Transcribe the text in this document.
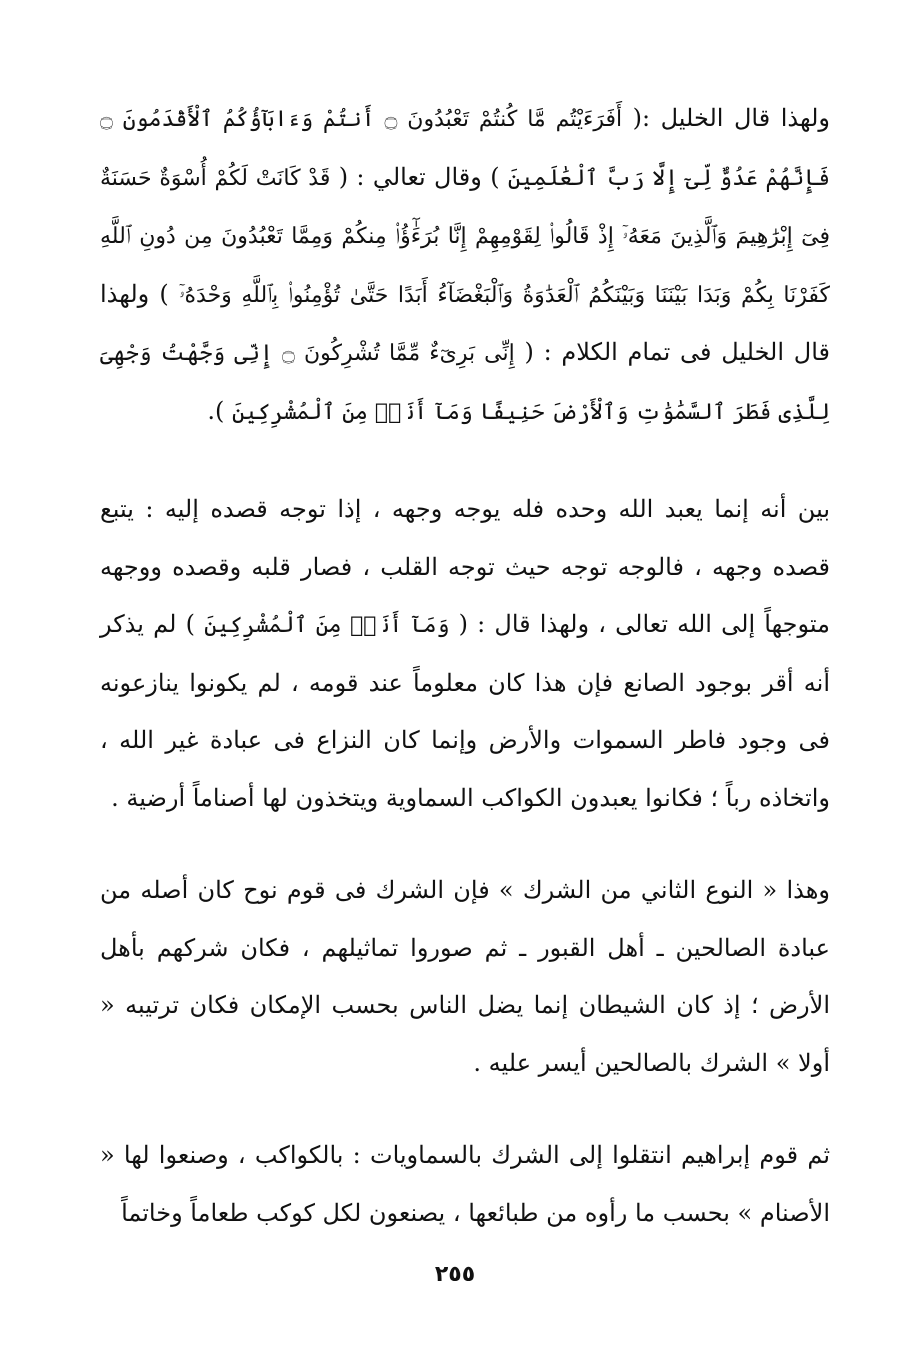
ولهذا قال الخليل :( أَفَرَءَيْتُم مَّا كُنتُمْ تَعْبُدُونَ ۝ أَنتُمْ وَءَابَآؤُكُمُ ٱلْأَقْدَمُونَ ۝ فَإِنَّهُمْ عَدُوٌّ لِّىٓ إِلَّا رَبَّ ٱلْعَٰلَمِينَ ) وقال تعالي : ( قَدْ كَانَتْ لَكُمْ أُسْوَةٌ حَسَنَةٌ فِىٓ إِبْرَٰهِيمَ وَٱلَّذِينَ مَعَهُۥٓ إِذْ قَالُوا۟ لِقَوْمِهِمْ إِنَّا بُرَءَٰٓؤُا۟ مِنكُمْ وَمِمَّا تَعْبُدُونَ مِن دُونِ ٱللَّهِ كَفَرْنَا بِكُمْ وَبَدَا بَيْنَنَا وَبَيْنَكُمُ ٱلْعَدَٰوَةُ وَٱلْبَغْضَآءُ أَبَدًا حَتَّىٰ تُؤْمِنُوا۟ بِٱللَّهِ وَحْدَهُۥٓ ) ولهذا قال الخليل فى تمام الكلام : ( إِنِّى بَرِىٓءٌ مِّمَّا تُشْرِكُونَ ۝ إِنِّى وَجَّهْتُ وَجْهِىَ لِلَّذِى فَطَرَ ٱلسَّمَٰوَٰتِ وَٱلْأَرْضَ حَنِيفًا وَمَآ أَنَا۠ مِنَ ٱلْمُشْرِكِينَ ).

بين أنه إنما يعبد الله وحده فله يوجه وجهه ، إذا توجه قصده إليه : يتبع قصده وجهه ، فالوجه توجه حيث توجه القلب ، فصار قلبه وقصده ووجهه متوجهاً إلى الله تعالى ، ولهذا قال : ( وَمَآ أَنَا۠ مِنَ ٱلْمُشْرِكِينَ ) لم يذكر أنه أقر بوجود الصانع فإن هذا كان معلوماً عند قومه ، لم يكونوا ينازعونه فى وجود فاطر السموات والأرض وإنما كان النزاع فى عبادة غير الله ، واتخاذه رباً ؛ فكانوا يعبدون الكواكب السماوية ويتخذون لها أصناماً أرضية .

وهذا « النوع الثاني من الشرك » فإن الشرك فى قوم نوح كان أصله من عبادة الصالحين ـ أهل القبور ـ ثم صوروا تماثيلهم ، فكان شركهم بأهل الأرض ؛ إذ كان الشيطان إنما يضل الناس بحسب الإمكان فكان ترتيبه « أولا » الشرك بالصالحين أيسر عليه .

ثم قوم إبراهيم انتقلوا إلى الشرك بالسماويات : بالكواكب ، وصنعوا لها « الأصنام » بحسب ما رأوه من طبائعها ، يصنعون لكل كوكب طعاماً وخاتماً

٢٥٥
